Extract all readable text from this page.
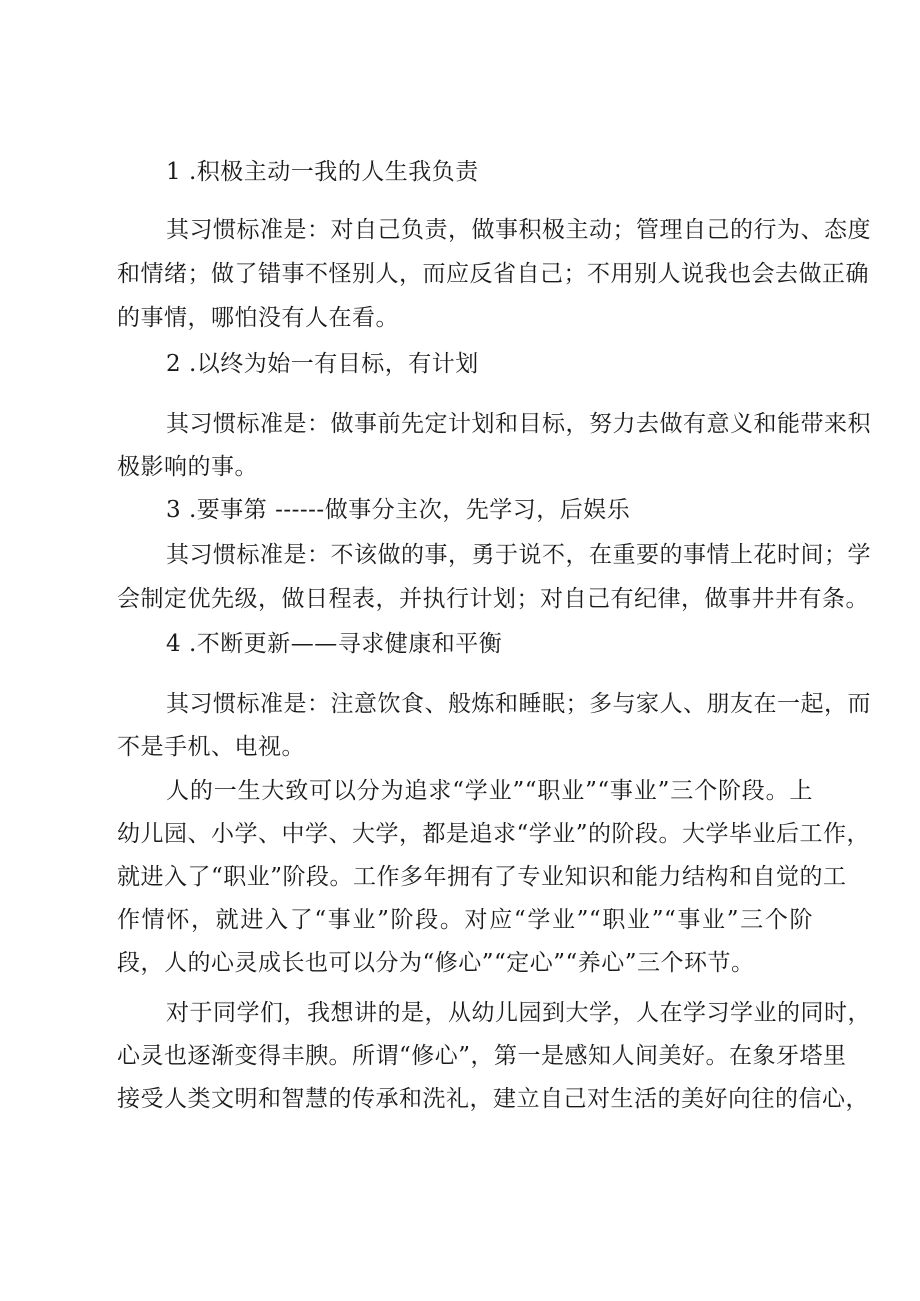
1 .积极主动一我的人生我负责
其习惯标准是：对自己负责，做事积极主动；管理自己的行为、态度
和情绪；做了错事不怪别人，而应反省自己；不用别人说我也会去做正确
的事情，哪怕没有人在看。
2 .以终为始一有目标，有计划
其习惯标准是：做事前先定计划和目标，努力去做有意义和能带来积
极影响的事。
3 .要事第 ------做事分主次，先学习，后娱乐
其习惯标准是：不该做的事，勇于说不，在重要的事情上花时间；学
会制定优先级，做日程表，并执行计划；对自己有纪律，做事井井有条。
4 .不断更新——寻求健康和平衡
其习惯标准是：注意饮食、般炼和睡眠；多与家人、朋友在一起，而
不是手机、电视。
人的一生大致可以分为追求“学业”“职业”“事业”三个阶段。上
幼儿园、小学、中学、大学，都是追求“学业”的阶段。大学毕业后工作，
就进入了“职业”阶段。工作多年拥有了专业知识和能力结构和自觉的工
作情怀，就进入了“事业”阶段。对应“学业”“职业”“事业”三个阶
段，人的心灵成长也可以分为“修心”“定心”“养心”三个环节。
对于同学们，我想讲的是，从幼儿园到大学，人在学习学业的同时，
心灵也逐渐变得丰腴。所谓“修心”，第一是感知人间美好。在象牙塔里
接受人类文明和智慧的传承和洗礼，建立自己对生活的美好向往的信心，
